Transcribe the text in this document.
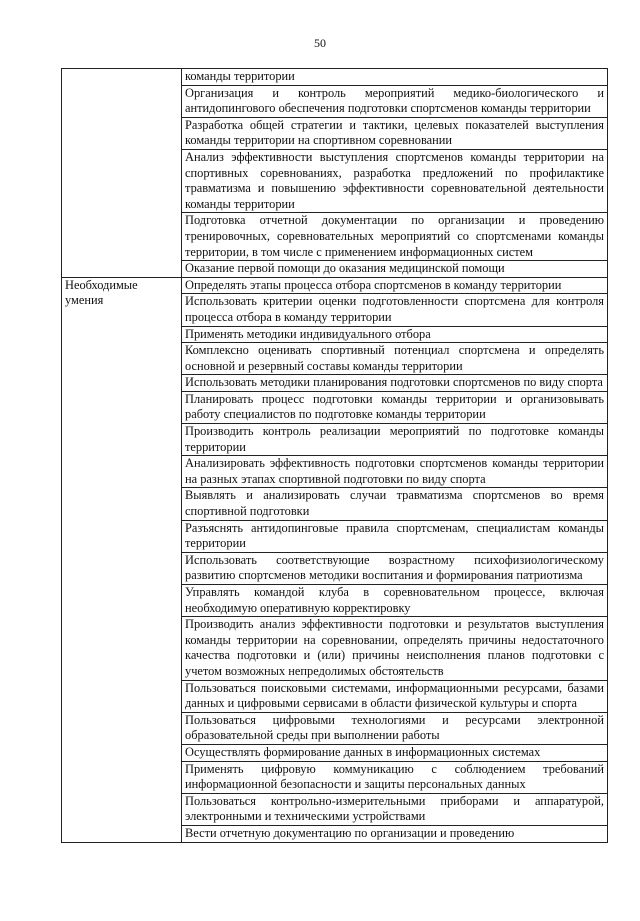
50

	команды территории

	Организация и контроль мероприятий медико-биологического и антидопингового обеспечения подготовки спортсменов команды территории

	Разработка общей стратегии и тактики, целевых показателей выступления команды территории на спортивном соревновании

	Анализ эффективности выступления спортсменов команды территории на спортивных соревнованиях, разработка предложений по профилактике травматизма и повышению эффективности соревновательной деятельности команды территории

	Подготовка отчетной документации по организации и проведению тренировочных, соревновательных мероприятий со спортсменами команды территории, в том числе с применением информационных систем

	Оказание первой помощи до оказания медицинской помощи

Необходимые умения	Определять этапы процесса отбора спортсменов в команду территории

	Использовать критерии оценки подготовленности спортсмена для контроля процесса отбора в команду территории

	Применять методики индивидуального отбора

	Комплексно оценивать спортивный потенциал спортсмена и определять основной и резервный составы команды территории

	Использовать методики планирования подготовки спортсменов по виду спорта

	Планировать процесс подготовки команды территории и организовывать работу специалистов по подготовке команды территории

	Производить контроль реализации мероприятий по подготовке команды территории

	Анализировать эффективность подготовки спортсменов команды территории на разных этапах спортивной подготовки по виду спорта

	Выявлять и анализировать случаи травматизма спортсменов во время спортивной подготовки

	Разъяснять антидопинговые правила спортсменам, специалистам команды территории

	Использовать соответствующие возрастному психофизиологическому развитию спортсменов методики воспитания и формирования патриотизма

	Управлять командой клуба в соревновательном процессе, включая необходимую оперативную корректировку

	Производить анализ эффективности подготовки и результатов выступления команды территории на соревновании, определять причины недостаточного качества подготовки и (или) причины неисполнения планов подготовки с учетом возможных непредолимых обстоятельств

	Пользоваться поисковыми системами, информационными ресурсами, базами данных и цифровыми сервисами в области физической культуры и спорта

	Пользоваться цифровыми технологиями и ресурсами электронной образовательной среды при выполнении работы

	Осуществлять формирование данных в информационных системах

	Применять цифровую коммуникацию с соблюдением требований информационной безопасности и защиты персональных данных

	Пользоваться контрольно-измерительными приборами и аппаратурой, электронными и техническими устройствами

	Вести отчетную документацию по организации и проведению
